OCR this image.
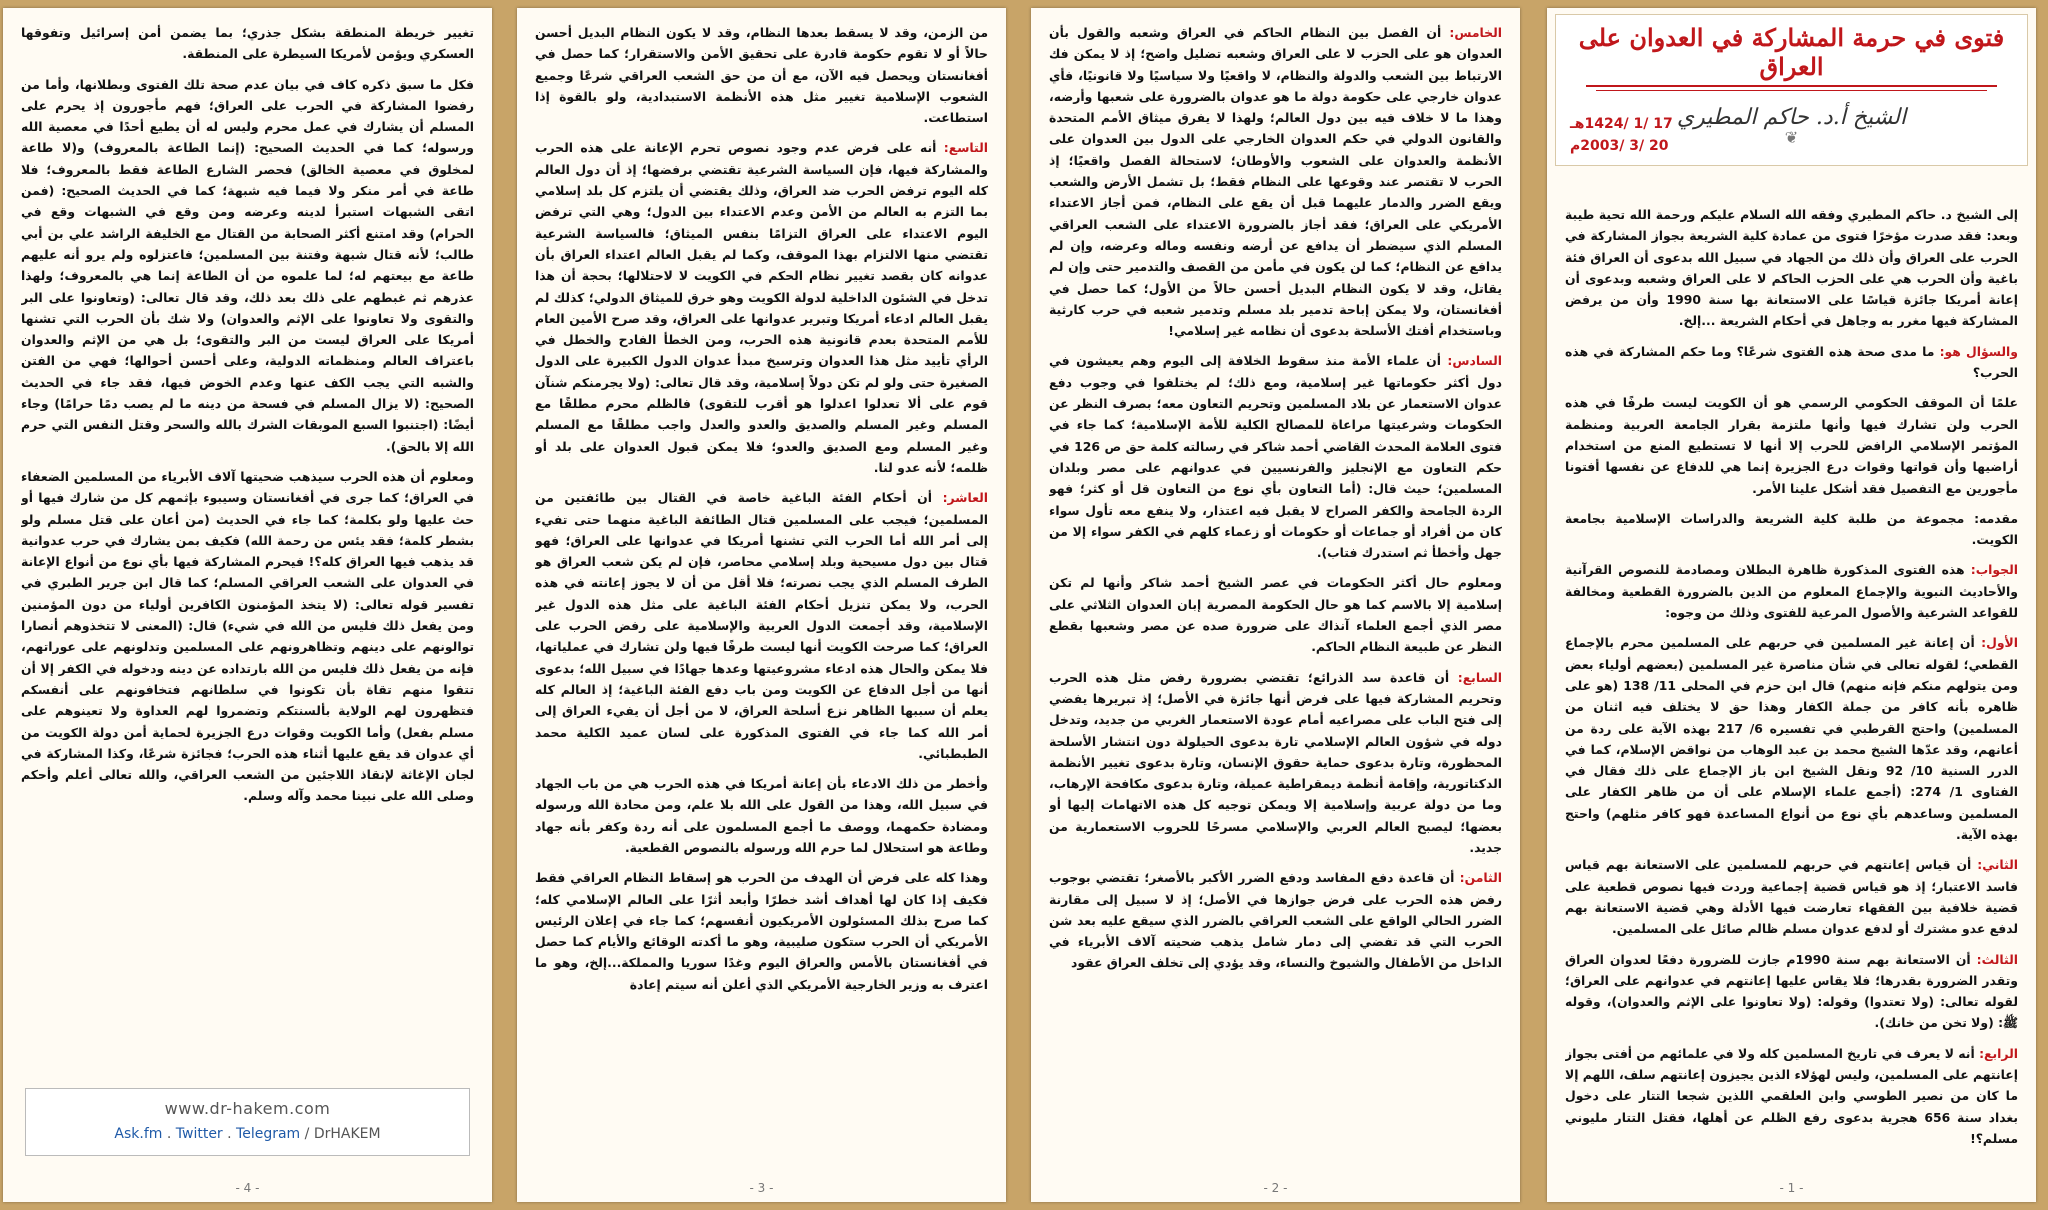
فتوى في حرمة المشاركة في العدوان على العراق
الشيخ أ.د. حاكم المطيري
❦
17 /1 /1424هـ
20 /3 /2003م

إلى الشيخ د. حاكم المطيري وفقه الله السلام عليكم ورحمة الله تحية طيبة وبعد: فقد صدرت مؤخرًا فتوى من عمادة كلية الشريعة بجواز المشاركة في الحرب على العراق وأن ذلك من الجهاد في سبيل الله بدعوى أن العراق فئة باغية وأن الحرب هي على الحزب الحاكم لا على العراق وشعبه وبدعوى أن إعانة أمريكا جائزة قياسًا على الاستعانة بها سنة 1990 وأن من يرفض المشاركة فيها مغرر به وجاهل في أحكام الشريعة ...إلخ.

والسؤال هو: ما مدى صحة هذه الفتوى شرعًا؟ وما حكم المشاركة في هذه الحرب؟

علمًا أن الموقف الحكومي الرسمي هو أن الكويت ليست طرفًا في هذه الحرب ولن تشارك فيها وأنها ملتزمة بقرار الجامعة العربية ومنظمة المؤتمر الإسلامي الرافض للحرب إلا أنها لا تستطيع المنع من استخدام أراضيها وأن قواتها وقوات درع الجزيرة إنما هي للدفاع عن نفسها أفتونا مأجورين مع التفصيل فقد أشكل علينا الأمر.

مقدمه: مجموعة من طلبة كلية الشريعة والدراسات الإسلامية بجامعة الكويت.

الجواب: هذه الفتوى المذكورة ظاهرة البطلان ومصادمة للنصوص القرآنية والأحاديث النبوية والإجماع المعلوم من الدين بالضرورة القطعية ومخالفة للقواعد الشرعية والأصول المرعية للفتوى وذلك من وجوه:

الأول: أن إعانة غير المسلمين في حربهم على المسلمين محرم بالإجماع القطعي؛ لقوله تعالى في شأن مناصرة غير المسلمين (بعضهم أولياء بعض ومن يتولهم منكم فإنه منهم) قال ابن حزم في المحلى 11/ 138 (هو على ظاهره بأنه كافر من جملة الكفار وهذا حق لا يختلف فيه اثنان من المسلمين) واحتج القرطبي في تفسيره 6/ 217 بهذه الآية على ردة من أعانهم، وقد عدّها الشيخ محمد بن عبد الوهاب من نواقض الإسلام، كما في الدرر السنية 10/ 92 ونقل الشيخ ابن باز الإجماع على ذلك فقال في الفتاوى 1/ 274: (أجمع علماء الإسلام على أن من ظاهر الكفار على المسلمين وساعدهم بأي نوع من أنواع المساعدة فهو كافر مثلهم) واحتج بهذه الآية.

الثاني: أن قياس إعانتهم في حربهم للمسلمين على الاستعانة بهم قياس فاسد الاعتبار؛ إذ هو قياس قضية إجماعية وردت فيها نصوص قطعية على قضية خلافية بين الفقهاء تعارضت فيها الأدلة وهي قضية الاستعانة بهم لدفع عدو مشترك أو لدفع عدوان مسلم ظالم صائل على المسلمين.

الثالث: أن الاستعانة بهم سنة 1990م جازت للضرورة دفعًا لعدوان العراق وتقدر الضرورة بقدرها؛ فلا يقاس عليها إعانتهم في عدوانهم على العراق؛ لقوله تعالى: (ولا تعتدوا) وقوله: (ولا تعاونوا على الإثم والعدوان)، وقوله ﷺ: (ولا تخن من خانك).

الرابع: أنه لا يعرف في تاريخ المسلمين كله ولا في علمائهم من أفتى بجواز إعانتهم على المسلمين، وليس لهؤلاء الذين يجيزون إعانتهم سلف، اللهم إلا ما كان من نصير الطوسي وابن العلقمي اللذين شجعا التتار على دخول بغداد سنة 656 هجرية بدعوى رفع الظلم عن أهلها، فقتل التتار مليوني مسلم؟!

- 1 -

الخامس: أن الفصل بين النظام الحاكم في العراق وشعبه والقول بأن العدوان هو على الحزب لا على العراق وشعبه تضليل واضح؛ إذ لا يمكن فك الارتباط بين الشعب والدولة والنظام، لا واقعيًا ولا سياسيًا ولا قانونيًا، فأي عدوان خارجي على حكومة دولة ما هو عدوان بالضرورة على شعبها وأرضه، وهذا ما لا خلاف فيه بين دول العالم؛ ولهذا لا يفرق ميثاق الأمم المتحدة والقانون الدولي في حكم العدوان الخارجي على الدول بين العدوان على الأنظمة والعدوان على الشعوب والأوطان؛ لاستحالة الفصل واقعيًا؛ إذ الحرب لا تقتصر عند وقوعها على النظام فقط؛ بل تشمل الأرض والشعب ويقع الضرر والدمار عليهما قبل أن يقع على النظام، فمن أجاز الاعتداء الأمريكي على العراق؛ فقد أجاز بالضرورة الاعتداء على الشعب العراقي المسلم الذي سيضطر أن يدافع عن أرضه ونفسه وماله وعرضه، وإن لم يدافع عن النظام؛ كما لن يكون في مأمن من القصف والتدمير حتى وإن لم يقاتل، وقد لا يكون النظام البديل أحسن حالاً من الأول؛ كما حصل في أفغانستان، ولا يمكن إباحة تدمير بلد مسلم وتدمير شعبه في حرب كارثية وباستخدام أفتك الأسلحة بدعوى أن نظامه غير إسلامي!

السادس: أن علماء الأمة منذ سقوط الخلافة إلى اليوم وهم يعيشون في دول أكثر حكوماتها غير إسلامية، ومع ذلك؛ لم يختلفوا في وجوب دفع عدوان الاستعمار عن بلاد المسلمين وتحريم التعاون معه؛ بصرف النظر عن الحكومات وشرعيتها مراعاة للمصالح الكلية للأمة الإسلامية؛ كما جاء في فتوى العلامة المحدث القاضي أحمد شاكر في رسالته كلمة حق ص 126 في حكم التعاون مع الإنجليز والفرنسيين في عدوانهم على مصر وبلدان المسلمين؛ حيث قال: (أما التعاون بأي نوع من التعاون قل أو كثر؛ فهو الردة الجامحة والكفر الصراح لا يقبل فيه اعتذار، ولا ينفع معه تأول سواء كان من أفراد أو جماعات أو حكومات أو زعماء كلهم في الكفر سواء إلا من جهل وأخطأ ثم استدرك فتاب).

ومعلوم حال أكثر الحكومات في عصر الشيخ أحمد شاكر وأنها لم تكن إسلامية إلا بالاسم كما هو حال الحكومة المصرية إبان العدوان الثلاثي على مصر الذي أجمع العلماء آنذاك على ضرورة صده عن مصر وشعبها بقطع النظر عن طبيعة النظام الحاكم.

السابع: أن قاعدة سد الذرائع؛ تقتضي بضرورة رفض مثل هذه الحرب وتحريم المشاركة فيها على فرض أنها جائزة في الأصل؛ إذ تبريرها يفضي إلى فتح الباب على مصراعيه أمام عودة الاستعمار الغربي من جديد، وتدخل دوله في شؤون العالم الإسلامي تارة بدعوى الحيلولة دون انتشار الأسلحة المحظورة، وتارة بدعوى حماية حقوق الإنسان، وتارة بدعوى تغيير الأنظمة الدكتاتورية، وإقامة أنظمة ديمقراطية عميلة، وتارة بدعوى مكافحة الإرهاب، وما من دولة عربية وإسلامية إلا ويمكن توجيه كل هذه الاتهامات إليها أو بعضها؛ ليصبح العالم العربي والإسلامي مسرحًا للحروب الاستعمارية من جديد.

الثامن: أن قاعدة دفع المفاسد ودفع الضرر الأكبر بالأصغر؛ تقتضي بوجوب رفض هذه الحرب على فرض جوازها في الأصل؛ إذ لا سبيل إلى مقارنة الضرر الحالي الواقع على الشعب العراقي بالضرر الذي سيقع عليه بعد شن الحرب التي قد تفضي إلى دمار شامل يذهب ضحيته آلاف الأبرياء في الداخل من الأطفال والشيوخ والنساء، وقد يؤدي إلى تخلف العراق عقود

- 2 -

من الزمن، وقد لا يسقط بعدها النظام، وقد لا يكون النظام البديل أحسن حالاً أو لا تقوم حكومة قادرة على تحقيق الأمن والاستقرار؛ كما حصل في أفغانستان ويحصل فيه الآن، مع أن من حق الشعب العراقي شرعًا وجميع الشعوب الإسلامية تغيير مثل هذه الأنظمة الاستبدادية، ولو بالقوة إذا استطاعت.

التاسع: أنه على فرض عدم وجود نصوص تحرم الإعانة على هذه الحرب والمشاركة فيها، فإن السياسة الشرعية تقتضي برفضها؛ إذ أن دول العالم كله اليوم ترفض الحرب ضد العراق، وذلك يقتضي أن يلتزم كل بلد إسلامي بما التزم به العالم من الأمن وعدم الاعتداء بين الدول؛ وهي التي ترفض اليوم الاعتداء على العراق التزامًا بنفس الميثاق؛ فالسياسة الشرعية تقتضي منها الالتزام بهذا الموقف، وكما لم يقبل العالم اعتداء العراق بأن عدوانه كان بقصد تغيير نظام الحكم في الكويت لا لاحتلالها؛ بحجة أن هذا تدخل في الشئون الداخلية لدولة الكويت وهو خرق للميثاق الدولي؛ كذلك لم يقبل العالم ادعاء أمريكا وتبرير عدوانها على العراق، وقد صرح الأمين العام للأمم المتحدة بعدم قانونية هذه الحرب، ومن الخطأ الفادح والخطل في الرأي تأييد مثل هذا العدوان وترسيخ مبدأ عدوان الدول الكبيرة على الدول الصغيرة حتى ولو لم تكن دولاً إسلامية، وقد قال تعالى: (ولا يجرمنكم شنآن قوم على ألا تعدلوا اعدلوا هو أقرب للتقوى) فالظلم محرم مطلقًا مع المسلم وغير المسلم والصديق والعدو والعدل واجب مطلقًا مع المسلم وغير المسلم ومع الصديق والعدو؛ فلا يمكن قبول العدوان على بلد أو ظلمه؛ لأنه عدو لنا.

العاشر: أن أحكام الفئة الباغية خاصة في القتال بين طائفتين من المسلمين؛ فيجب على المسلمين قتال الطائفة الباغية منهما حتى تفيء إلى أمر الله أما الحرب التي تشنها أمريكا في عدوانها على العراق؛ فهو قتال بين دول مسيحية وبلد إسلامي محاصر، فإن لم يكن شعب العراق هو الطرف المسلم الذي يجب نصرته؛ فلا أقل من أن لا يجوز إعانته في هذه الحرب، ولا يمكن تنزيل أحكام الفئة الباغية على مثل هذه الدول غير الإسلامية، وقد أجمعت الدول العربية والإسلامية على رفض الحرب على العراق؛ كما صرحت الكويت أنها ليست طرفًا فيها ولن تشارك في عملياتها، فلا يمكن والحال هذه ادعاء مشروعيتها وعدها جهادًا في سبيل الله؛ بدعوى أنها من أجل الدفاع عن الكويت ومن باب دفع الفئة الباغية؛ إذ العالم كله يعلم أن سببها الظاهر نزع أسلحة العراق، لا من أجل أن يفيء العراق إلى أمر الله كما جاء في الفتوى المذكورة على لسان عميد الكلية محمد الطبطبائي.

وأخطر من ذلك الادعاء بأن إعانة أمريكا في هذه الحرب هي من باب الجهاد في سبيل الله، وهذا من القول على الله بلا علم، ومن محادة الله ورسوله ومضادة حكمهما، ووصف ما أجمع المسلمون على أنه ردة وكفر بأنه جهاد وطاعة هو استحلال لما حرم الله ورسوله بالنصوص القطعية.

وهذا كله على فرض أن الهدف من الحرب هو إسقاط النظام العراقي فقط فكيف إذا كان لها أهداف أشد خطرًا وأبعد أثرًا على العالم الإسلامي كله؛ كما صرح بذلك المسئولون الأمريكيون أنفسهم؛ كما جاء في إعلان الرئيس الأمريكي أن الحرب ستكون صليبية، وهو ما أكدته الوقائع والأيام كما حصل في أفغانستان بالأمس والعراق اليوم وغدًا سوريا والمملكة...إلخ، وهو ما اعترف به وزير الخارجية الأمريكي الذي أعلن أنه سيتم إعادة

- 3 -

تغيير خريطة المنطقة بشكل جذري؛ بما يضمن أمن إسرائيل وتفوقها العسكري ويؤمن لأمريكا السيطرة على المنطقة.

فكل ما سبق ذكره كاف في بيان عدم صحة تلك الفتوى وبطلانها، وأما من رفضوا المشاركة في الحرب على العراق؛ فهم مأجورون إذ يحرم على المسلم أن يشارك في عمل محرم وليس له أن يطيع أحدًا في معصية الله ورسوله؛ كما في الحديث الصحيح: (إنما الطاعة بالمعروف) و(لا طاعة لمخلوق في معصية الخالق) فحصر الشارع الطاعة فقط بالمعروف؛ فلا طاعة في أمر منكر ولا فيما فيه شبهة؛ كما في الحديث الصحيح: (فمن اتقى الشبهات استبرأ لدينه وعرضه ومن وقع في الشبهات وقع في الحرام) وقد امتنع أكثر الصحابة من القتال مع الخليفة الراشد علي بن أبي طالب؛ لأنه قتال شبهة وفتنة بين المسلمين؛ فاعتزلوه ولم يرو أنه عليهم طاعة مع بيعتهم له؛ لما علموه من أن الطاعة إنما هي بالمعروف؛ ولهذا عذرهم ثم غبطهم على ذلك بعد ذلك، وقد قال تعالى: (وتعاونوا على البر والتقوى ولا تعاونوا على الإثم والعدوان) ولا شك بأن الحرب التي تشنها أمريكا على العراق ليست من البر والتقوى؛ بل هي من الإثم والعدوان باعتراف العالم ومنظماته الدولية، وعلى أحسن أحوالها؛ فهي من الفتن والشبه التي يجب الكف عنها وعدم الخوض فيها، فقد جاء في الحديث الصحيح: (لا يزال المسلم في فسحة من دينه ما لم يصب دمًا حرامًا) وجاء أيضًا: (اجتنبوا السبع الموبقات الشرك بالله والسحر وقتل النفس التي حرم الله إلا بالحق).

ومعلوم أن هذه الحرب سيذهب ضحيتها آلاف الأبرياء من المسلمين الضعفاء في العراق؛ كما جرى في أفغانستان وسيبوء بإثمهم كل من شارك فيها أو حث عليها ولو بكلمة؛ كما جاء في الحديث (من أعان على قتل مسلم ولو بشطر كلمة؛ فقد يئس من رحمة الله) فكيف بمن يشارك في حرب عدوانية قد يذهب فيها العراق كله؟! فيحرم المشاركة فيها بأي نوع من أنواع الإعانة في العدوان على الشعب العراقي المسلم؛ كما قال ابن جرير الطبري في تفسير قوله تعالى: (لا يتخذ المؤمنون الكافرين أولياء من دون المؤمنين ومن يفعل ذلك فليس من الله في شيء) قال: (المعنى لا تتخذوهم أنصارا توالونهم على دينهم وتظاهرونهم على المسلمين وتدلونهم على عوراتهم، فإنه من يفعل ذلك فليس من الله بارتداده عن دينه ودخوله في الكفر إلا أن تتقوا منهم تقاة بأن تكونوا في سلطانهم فتخافونهم على أنفسكم فتظهرون لهم الولاية بألسنتكم وتضمروا لهم العداوة ولا تعينوهم على مسلم بفعل) وأما الكويت وقوات درع الجزيرة لحماية أمن دولة الكويت من أي عدوان قد يقع عليها أثناء هذه الحرب؛ فجائزة شرعًا، وكذا المشاركة في لجان الإغاثة لإنقاذ اللاجئين من الشعب العراقي، والله تعالى أعلم وأحكم وصلى الله على نبينا محمد وآله وسلم.

www.dr-hakem.com
Ask.fm . Twitter . Telegram / DrHAKEM
- 4 -
